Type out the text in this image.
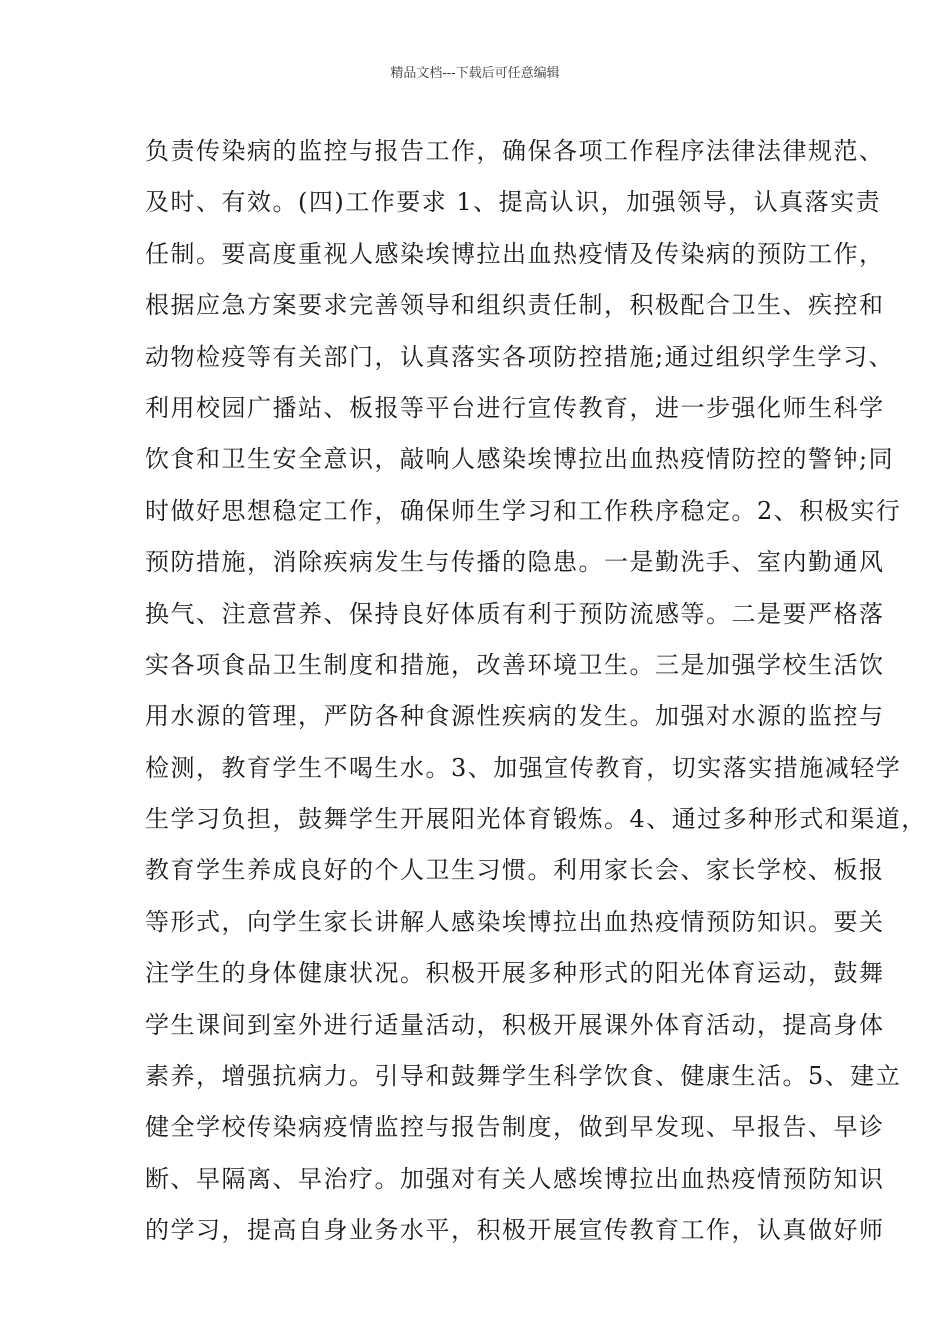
精品文档---下载后可任意编辑
负责传染病的监控与报告工作，确保各项工作程序法律法律规范、
及时、有效。(四)工作要求 1、提高认识，加强领导，认真落实责
任制。要高度重视人感染埃博拉出血热疫情及传染病的预防工作，
根据应急方案要求完善领导和组织责任制，积极配合卫生、疾控和
动物检疫等有关部门，认真落实各项防控措施;通过组织学生学习、
利用校园广播站、板报等平台进行宣传教育，进一步强化师生科学
饮食和卫生安全意识，敲响人感染埃博拉出血热疫情防控的警钟;同
时做好思想稳定工作，确保师生学习和工作秩序稳定。2、积极实行
预防措施，消除疾病发生与传播的隐患。一是勤洗手、室内勤通风
换气、注意营养、保持良好体质有利于预防流感等。二是要严格落
实各项食品卫生制度和措施，改善环境卫生。三是加强学校生活饮
用水源的管理，严防各种食源性疾病的发生。加强对水源的监控与
检测，教育学生不喝生水。3、加强宣传教育，切实落实措施减轻学
生学习负担，鼓舞学生开展阳光体育锻炼。4、通过多种形式和渠道，
教育学生养成良好的个人卫生习惯。利用家长会、家长学校、板报
等形式，向学生家长讲解人感染埃博拉出血热疫情预防知识。要关
注学生的身体健康状况。积极开展多种形式的阳光体育运动，鼓舞
学生课间到室外进行适量活动，积极开展课外体育活动，提高身体
素养，增强抗病力。引导和鼓舞学生科学饮食、健康生活。5、建立
健全学校传染病疫情监控与报告制度，做到早发现、早报告、早诊
断、早隔离、早治疗。加强对有关人感埃博拉出血热疫情预防知识
的学习，提高自身业务水平，积极开展宣传教育工作，认真做好师
